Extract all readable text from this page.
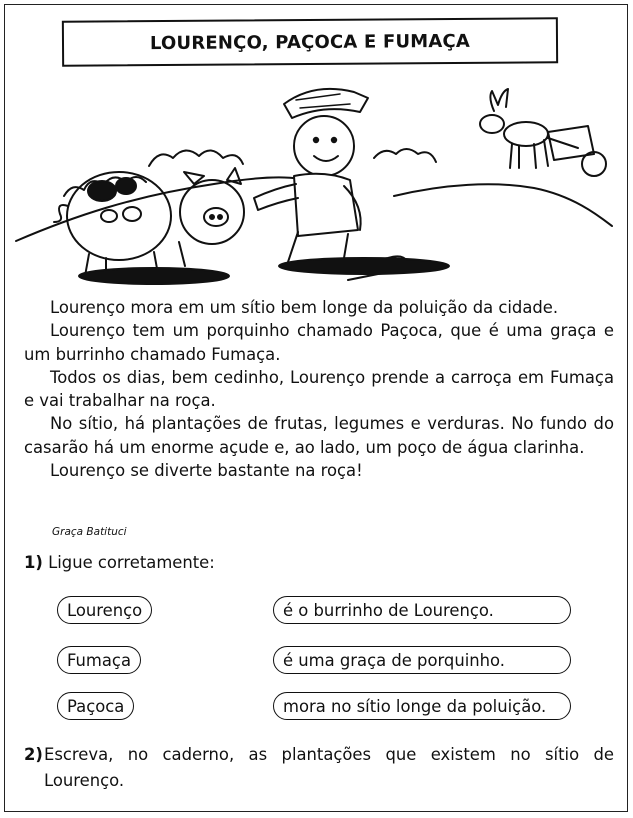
LOURENÇO, PAÇOCA E FUMAÇA

Lourenço mora em um sítio bem longe da poluição da cidade.

Lourenço tem um porquinho chamado Paçoca, que é uma graça e um burrinho chamado Fumaça.

Todos os dias, bem cedinho, Lourenço prende a carroça em Fumaça e vai trabalhar na roça.

No sítio, há plantações de frutas, legumes e verduras. No fundo do casarão há um enorme açude e, ao lado, um poço de água clarinha.

Lourenço se diverte bastante na roça!

Graça Batituci
1) Ligue corretamente:
Lourenço
Fumaça
Paçoca
é o burrinho de Lourenço.
é uma graça de porquinho.
mora no sítio longe da poluição.
2) Escreva, no caderno, as plantações que existem no sítio de Lourenço.
